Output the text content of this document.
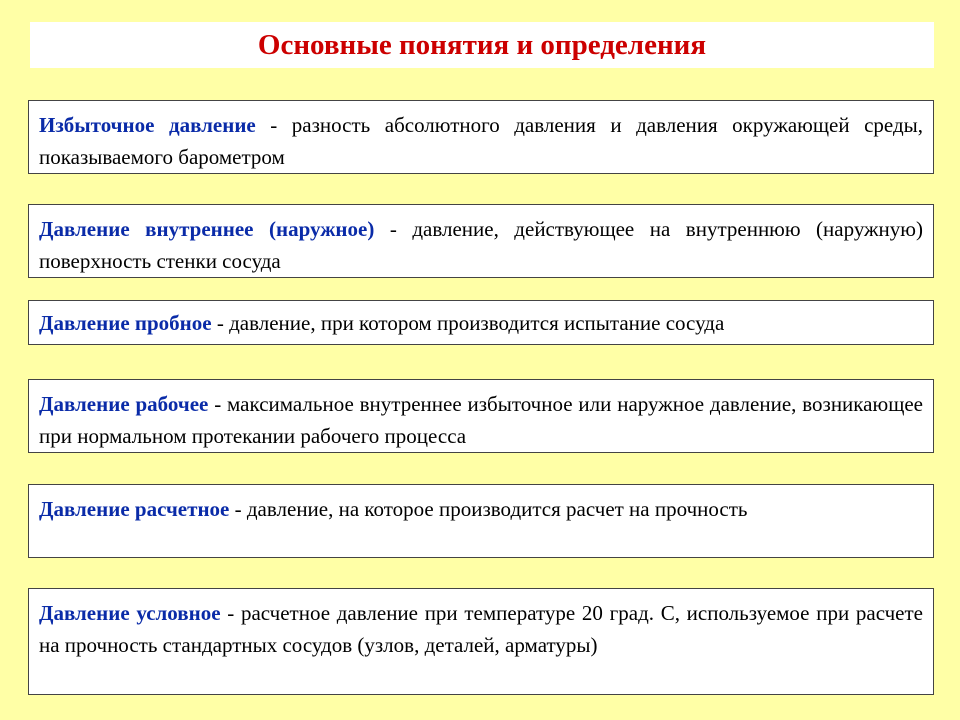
Основные понятия и определения
Избыточное давление - разность абсолютного давления и давления окружающей среды, показываемого барометром
Давление внутреннее (наружное) - давление, действующее на внутреннюю (наружную) поверхность стенки сосуда
Давление пробное - давление, при котором производится испытание сосуда
Давление рабочее - максимальное внутреннее избыточное или наружное давление, возникающее при нормальном протекании рабочего процесса
Давление расчетное - давление, на которое производится расчет на прочность
Давление условное - расчетное давление при температуре 20 град. С, используемое при расчете на прочность стандартных сосудов (узлов, деталей, арматуры)
